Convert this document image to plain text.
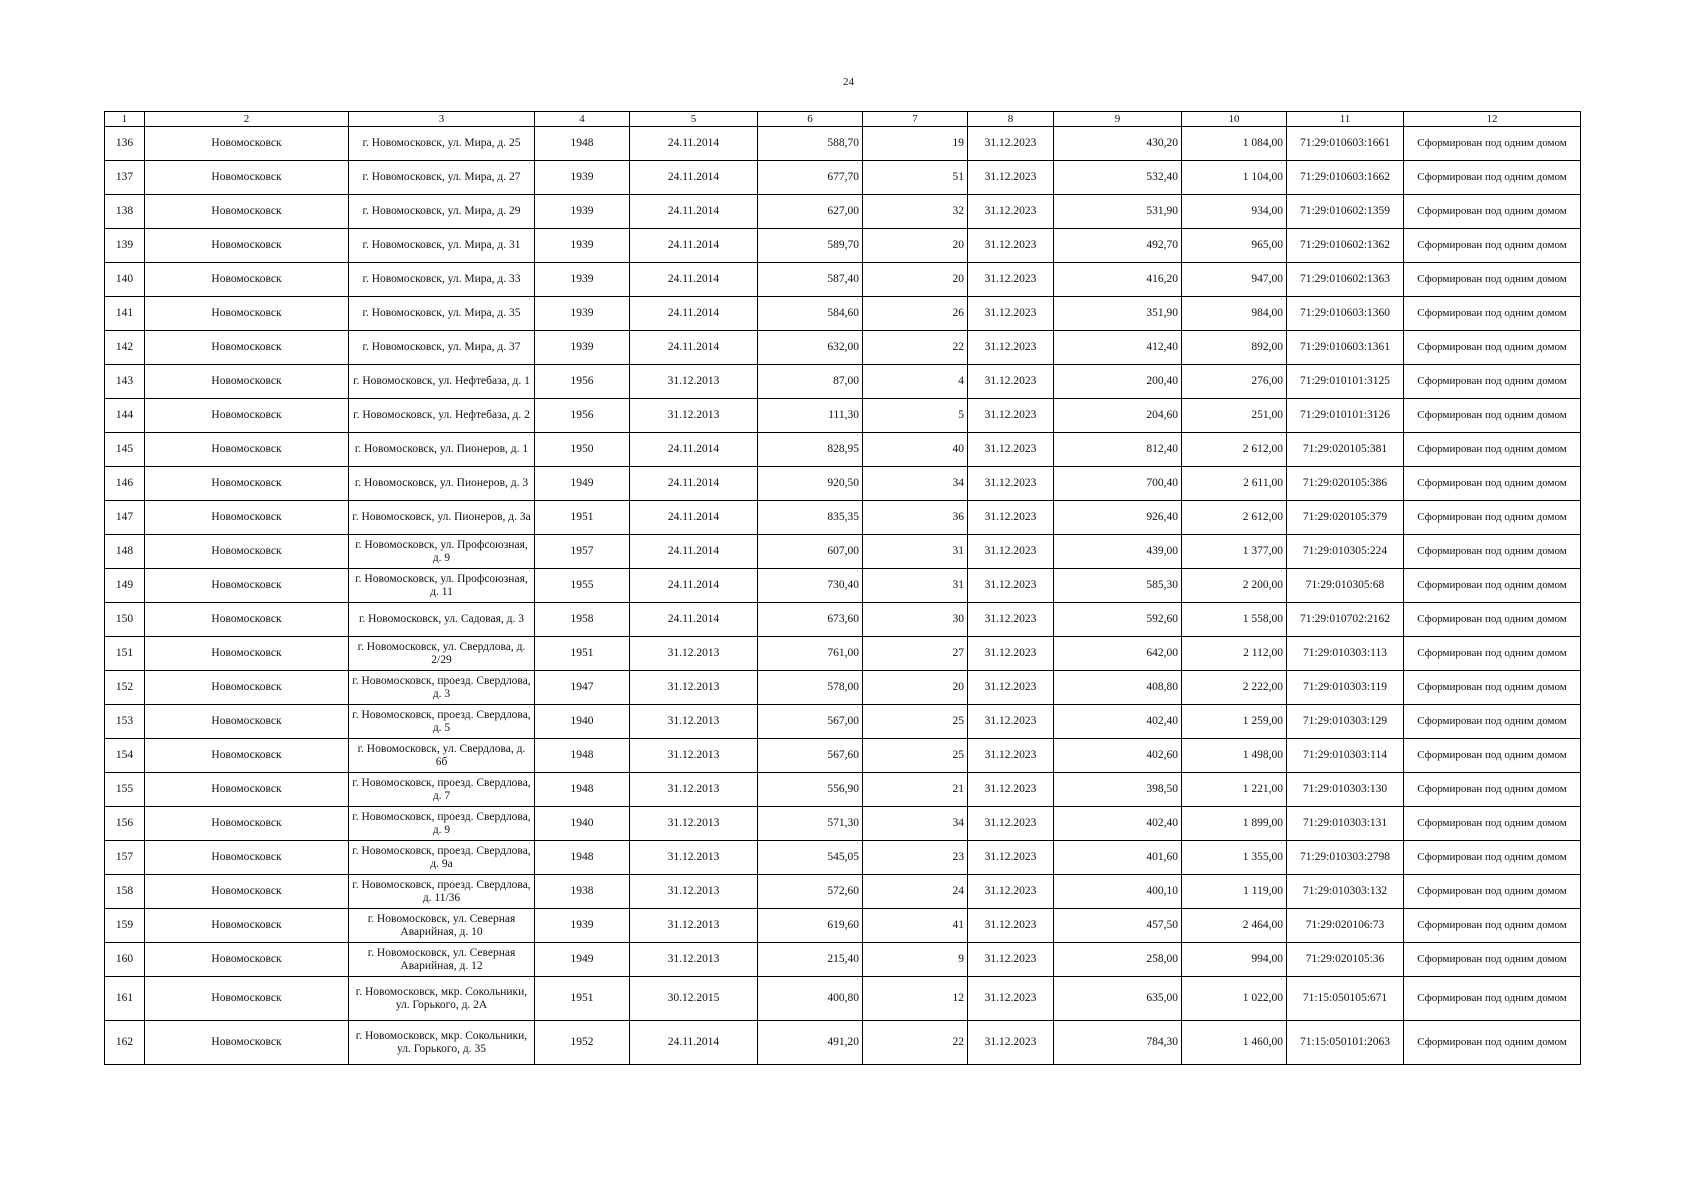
24
1	2	3	4	5	6	7	8	9	10	11	12
136	Новомосковск	г. Новомосковск, ул. Мира, д. 25	1948	24.11.2014	588,70	19	31.12.2023	430,20	1 084,00	71:29:010603:1661	Сформирован под одним домом
137	Новомосковск	г. Новомосковск, ул. Мира, д. 27	1939	24.11.2014	677,70	51	31.12.2023	532,40	1 104,00	71:29:010603:1662	Сформирован под одним домом
138	Новомосковск	г. Новомосковск, ул. Мира, д. 29	1939	24.11.2014	627,00	32	31.12.2023	531,90	934,00	71:29:010602:1359	Сформирован под одним домом
139	Новомосковск	г. Новомосковск, ул. Мира, д. 31	1939	24.11.2014	589,70	20	31.12.2023	492,70	965,00	71:29:010602:1362	Сформирован под одним домом
140	Новомосковск	г. Новомосковск, ул. Мира, д. 33	1939	24.11.2014	587,40	20	31.12.2023	416,20	947,00	71:29:010602:1363	Сформирован под одним домом
141	Новомосковск	г. Новомосковск, ул. Мира, д. 35	1939	24.11.2014	584,60	26	31.12.2023	351,90	984,00	71:29:010603:1360	Сформирован под одним домом
142	Новомосковск	г. Новомосковск, ул. Мира, д. 37	1939	24.11.2014	632,00	22	31.12.2023	412,40	892,00	71:29:010603:1361	Сформирован под одним домом
143	Новомосковск	г. Новомосковск, ул. Нефтебаза, д. 1	1956	31.12.2013	87,00	4	31.12.2023	200,40	276,00	71:29:010101:3125	Сформирован под одним домом
144	Новомосковск	г. Новомосковск, ул. Нефтебаза, д. 2	1956	31.12.2013	111,30	5	31.12.2023	204,60	251,00	71:29:010101:3126	Сформирован под одним домом
145	Новомосковск	г. Новомосковск, ул. Пионеров, д. 1	1950	24.11.2014	828,95	40	31.12.2023	812,40	2 612,00	71:29:020105:381	Сформирован под одним домом
146	Новомосковск	г. Новомосковск, ул. Пионеров, д. 3	1949	24.11.2014	920,50	34	31.12.2023	700,40	2 611,00	71:29:020105:386	Сформирован под одним домом
147	Новомосковск	г. Новомосковск, ул. Пионеров, д. 3а	1951	24.11.2014	835,35	36	31.12.2023	926,40	2 612,00	71:29:020105:379	Сформирован под одним домом
148	Новомосковск	г. Новомосковск, ул. Профсоюзная, д. 9	1957	24.11.2014	607,00	31	31.12.2023	439,00	1 377,00	71:29:010305:224	Сформирован под одним домом
149	Новомосковск	г. Новомосковск, ул. Профсоюзная, д. 11	1955	24.11.2014	730,40	31	31.12.2023	585,30	2 200,00	71:29:010305:68	Сформирован под одним домом
150	Новомосковск	г. Новомосковск, ул. Садовая, д. 3	1958	24.11.2014	673,60	30	31.12.2023	592,60	1 558,00	71:29:010702:2162	Сформирован под одним домом
151	Новомосковск	г. Новомосковск, ул. Свердлова, д. 2/29	1951	31.12.2013	761,00	27	31.12.2023	642,00	2 112,00	71:29:010303:113	Сформирован под одним домом
152	Новомосковск	г. Новомосковск, проезд. Свердлова, д. 3	1947	31.12.2013	578,00	20	31.12.2023	408,80	2 222,00	71:29:010303:119	Сформирован под одним домом
153	Новомосковск	г. Новомосковск, проезд. Свердлова, д. 5	1940	31.12.2013	567,00	25	31.12.2023	402,40	1 259,00	71:29:010303:129	Сформирован под одним домом
154	Новомосковск	г. Новомосковск, ул. Свердлова, д. 6б	1948	31.12.2013	567,60	25	31.12.2023	402,60	1 498,00	71:29:010303:114	Сформирован под одним домом
155	Новомосковск	г. Новомосковск, проезд. Свердлова, д. 7	1948	31.12.2013	556,90	21	31.12.2023	398,50	1 221,00	71:29:010303:130	Сформирован под одним домом
156	Новомосковск	г. Новомосковск, проезд. Свердлова, д. 9	1940	31.12.2013	571,30	34	31.12.2023	402,40	1 899,00	71:29:010303:131	Сформирован под одним домом
157	Новомосковск	г. Новомосковск, проезд. Свердлова, д. 9а	1948	31.12.2013	545,05	23	31.12.2023	401,60	1 355,00	71:29:010303:2798	Сформирован под одним домом
158	Новомосковск	г. Новомосковск, проезд. Свердлова, д. 11/36	1938	31.12.2013	572,60	24	31.12.2023	400,10	1 119,00	71:29:010303:132	Сформирован под одним домом
159	Новомосковск	г. Новомосковск, ул. Северная Аварийная, д. 10	1939	31.12.2013	619,60	41	31.12.2023	457,50	2 464,00	71:29:020106:73	Сформирован под одним домом
160	Новомосковск	г. Новомосковск, ул. Северная Аварийная, д. 12	1949	31.12.2013	215,40	9	31.12.2023	258,00	994,00	71:29:020105:36	Сформирован под одним домом
161	Новомосковск	г. Новомосковск, мкр. Сокольники, ул. Горького, д. 2А	1951	30.12.2015	400,80	12	31.12.2023	635,00	1 022,00	71:15:050105:671	Сформирован под одним домом
162	Новомосковск	г. Новомосковск, мкр. Сокольники, ул. Горького, д. 35	1952	24.11.2014	491,20	22	31.12.2023	784,30	1 460,00	71:15:050101:2063	Сформирован под одним домом
